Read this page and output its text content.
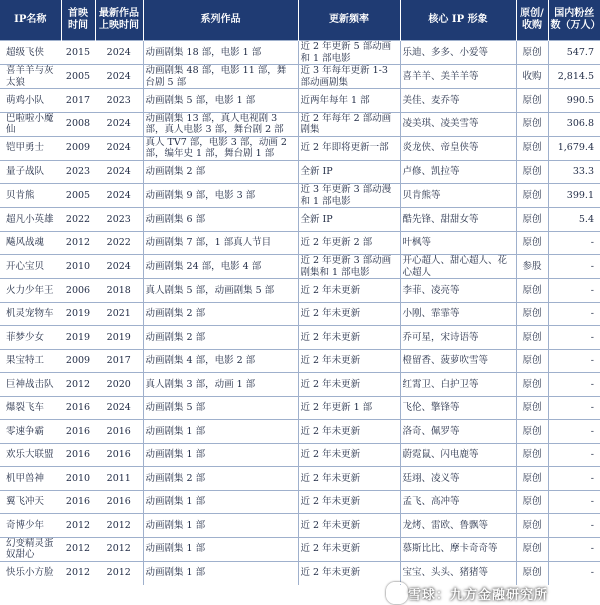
IP名称	首映时间	最新作品上映时间	系列作品	更新频率	核心 IP 形象	原创/收购	国内粉丝数（万人）
超级飞侠	2015	2024	动画剧集 18 部，电影 1 部	近 2 年更新 5 部动画和 1 部电影	乐迪、多多、小爱等	原创	547.7
喜羊羊与灰太狼	2005	2024	动画剧集 48 部，电影 11 部，舞台剧 5 部	近 3 年每年更新 1-3 部动画剧集	喜羊羊、美羊羊等	收购	2,814.5
萌鸡小队	2017	2023	动画剧集 5 部，电影 1 部	近两年每年 1 部	美佳、麦乔等	原创	990.5
巴啦啦小魔仙	2008	2024	动画剧集 13 部，真人电视剧 3 部，真人电影 3 部，舞台剧 2 部	近 2 年每年 2 部动画剧集	凌美琪、凌美雪等	原创	306.8
铠甲勇士	2009	2024	真人 TV7 部，电影 3 部，动画 2 部，编年史 1 部，舞台剧 1 部	近 2 年即将更新一部	炎龙侠、帝皇侠等	原创	1,679.4
量子战队	2023	2024	动画剧集 2 部	全新 IP	卢修、凯拉等	原创	33.3
贝肯熊	2005	2024	动画剧集 9 部，电影 3 部	近 3 年更新 3 部动漫和 1 部电影	贝肯熊等	原创	399.1
超凡小英雄	2022	2023	动画剧集 6 部	全新 IP	酷先锋、甜甜女等	原创	5.4
飚风战魂	2012	2022	动画剧集 7 部，1 部真人节目	近 2 年更新 2 部	叶枫等	原创	-
开心宝贝	2010	2024	动画剧集 24 部，电影 4 部	近 2 年更新 3 部动画剧集和 1 部电影	开心超人、甜心超人、花心超人	参股	-
火力少年王	2006	2018	真人剧集 5 部，动画剧集 5 部	近 2 年未更新	李菲、凌亮等	原创	-
机灵宠物车	2019	2021	动画剧集 2 部	近 2 年未更新	小刚、霏霏等	原创	-
菲梦少女	2019	2019	动画剧集 2 部	近 2 年未更新	乔可星，宋诗语等	原创	-
果宝特工	2009	2017	动画剧集 4 部，电影 2 部	近 2 年未更新	橙留香、菠萝吹雪等	原创	-
巨神战击队	2012	2020	真人剧集 3 部，动画 1 部	近 2 年未更新	红霄卫、白护卫等	原创	-
爆裂飞车	2016	2024	动画剧集 5 部	近 2 年更新 1 部	飞伦、擎锋等	原创	-
零速争霸	2016	2016	动画剧集 1 部	近 2 年未更新	洛奇、佩罗等	原创	-
欢乐大联盟	2016	2016	动画剧集 1 部	近 2 年未更新	蔚霓鼠、闪电鹿等	原创	-
机甲兽神	2010	2011	动画剧集 2 部	近 2 年未更新	廷翊、凌义等	原创	-
翼飞冲天	2016	2016	动画剧集 1 部	近 2 年未更新	孟飞、高冲等	原创	-
奇博少年	2012	2012	动画剧集 1 部	近 2 年未更新	龙烤、雷欧、鲁飘等	原创	-
幻变精灵蛋奴甜心	2012	2012	动画剧集 1 部	近 2 年未更新	慕斯比比、摩卡奇奇等	原创	-
快乐小方脸	2012	2012	动画剧集 1 部	近 2 年未更新	宝宝、头头、猪猪等	原创	-
雪球：九方金融研究所
